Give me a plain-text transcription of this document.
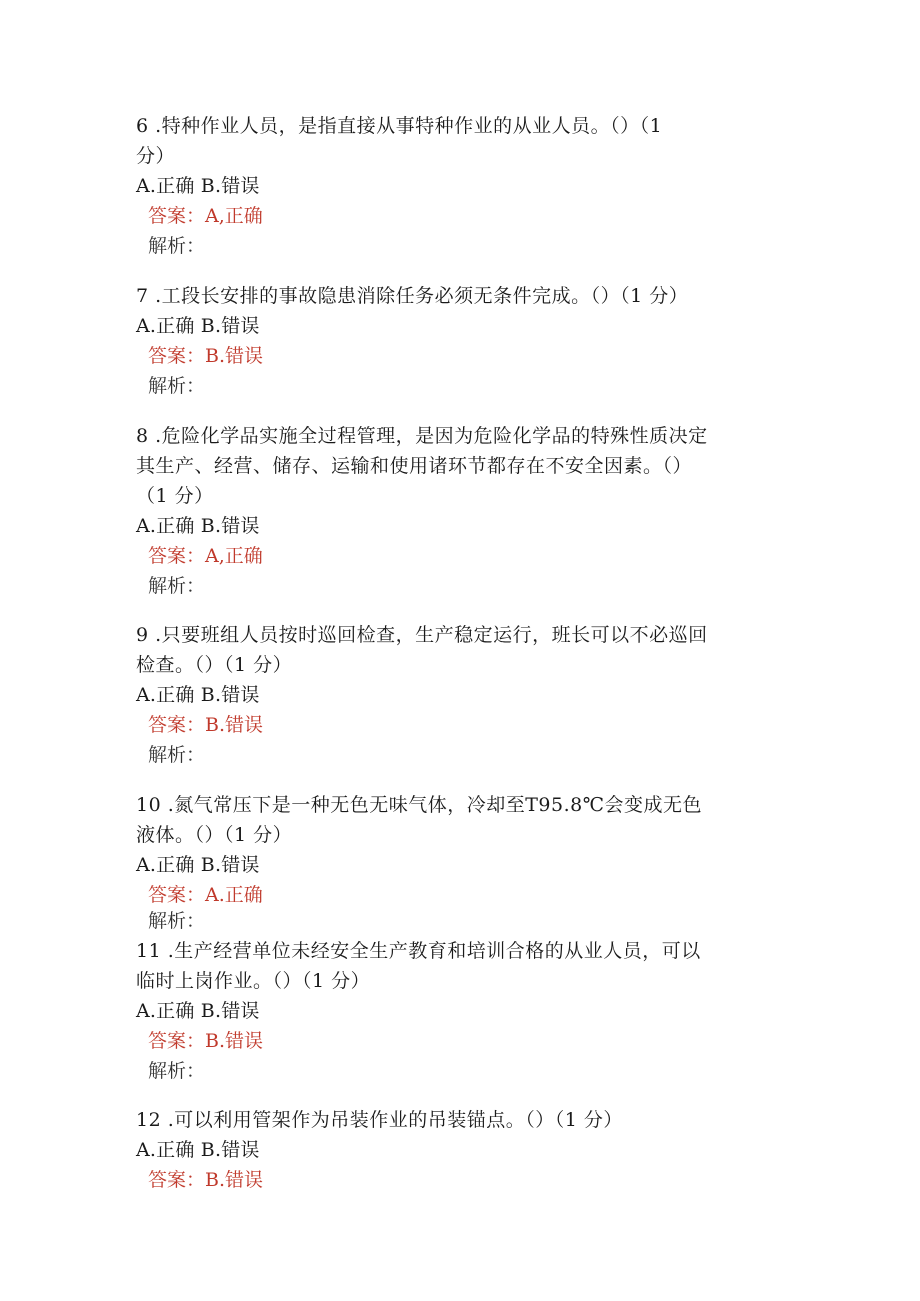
6 .特种作业人员，是指直接从事特种作业的从业人员。（）（1
分）
A.正确 B.错误
答案：A,正确
解析：
7 .工段长安排的事故隐患消除任务必须无条件完成。（）（1 分）
A.正确 B.错误
答案：B.错误
解析：
8 .危险化学品实施全过程管理，是因为危险化学品的特殊性质决定
其生产、经营、储存、运输和使用诸环节都存在不安全因素。（）
（1 分）
A.正确 B.错误
答案：A,正确
解析：
9 .只要班组人员按时巡回检查，生产稳定运行，班长可以不必巡回
检查。（）（1 分）
A.正确 B.错误
答案：B.错误
解析：
10 .氮气常压下是一种无色无味气体，冷却至T95.8℃会变成无色
液体。（）（1 分）
A.正确 B.错误
答案：A.正确
解析：
11 .生产经营单位未经安全生产教育和培训合格的从业人员，可以
临时上岗作业。（）（1 分）
A.正确 B.错误
答案：B.错误
解析：
12 .可以利用管架作为吊装作业的吊装锚点。（）（1 分）
A.正确 B.错误
答案：B.错误
